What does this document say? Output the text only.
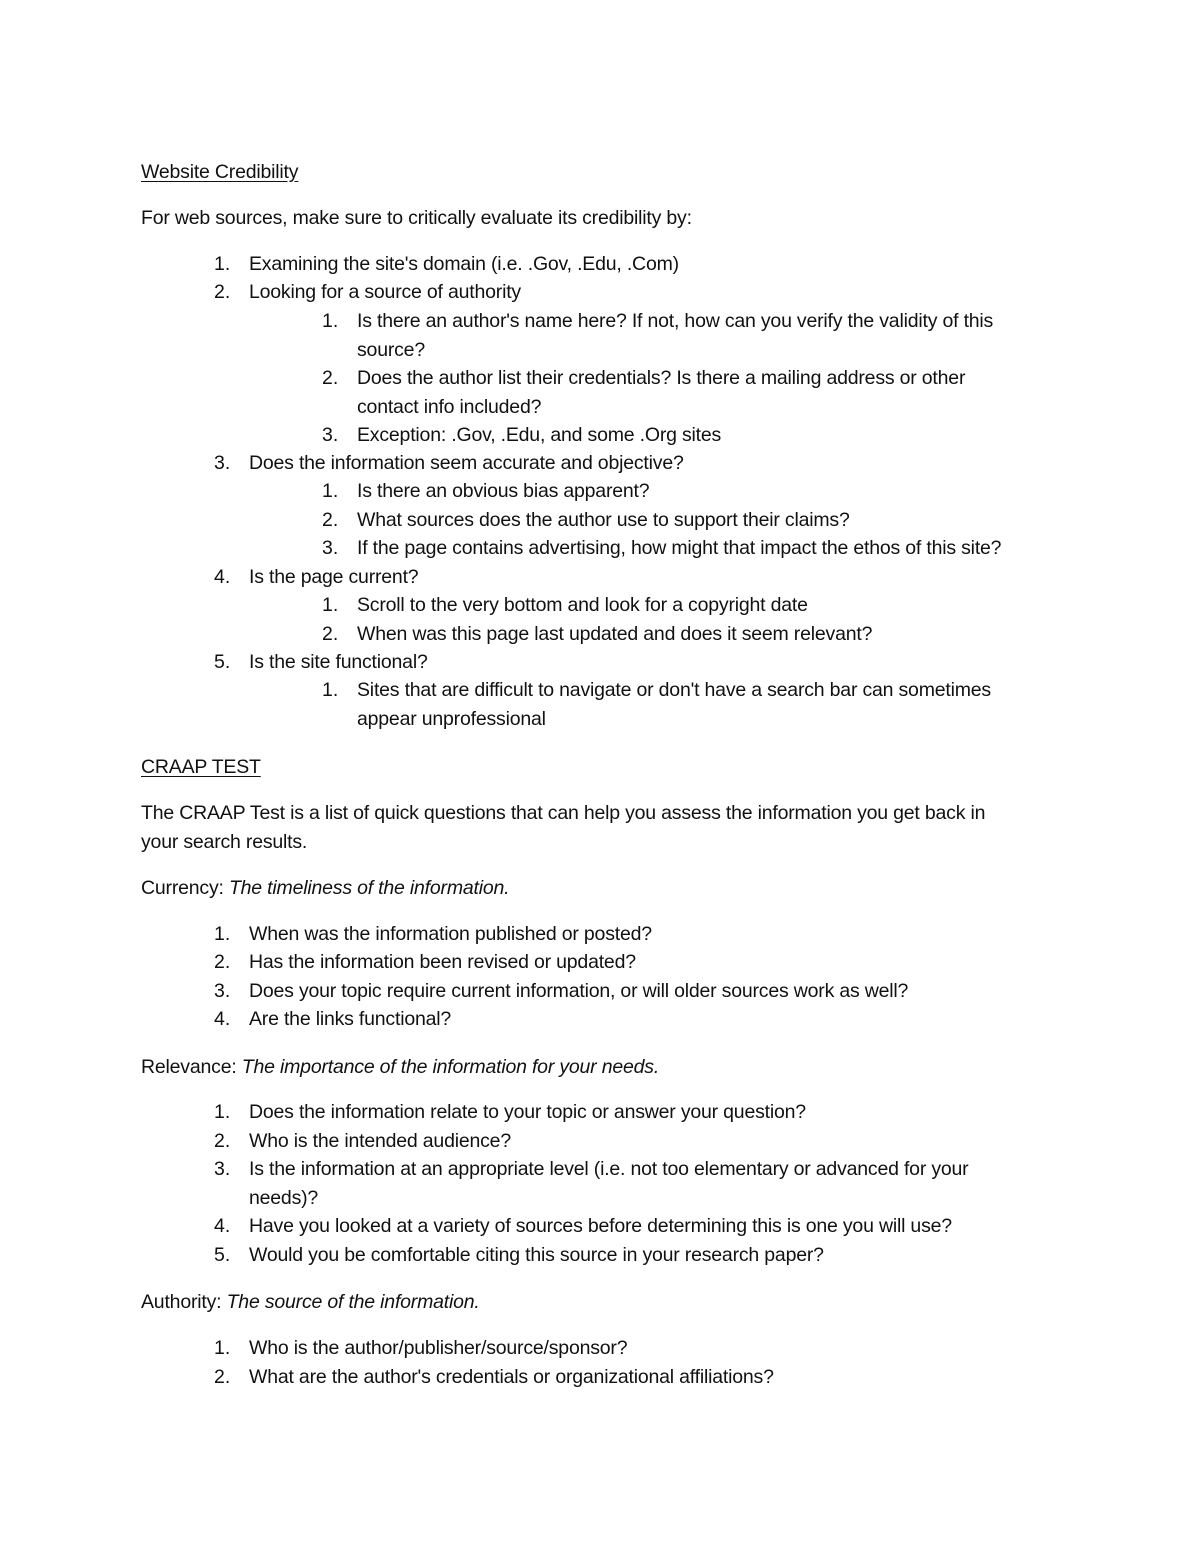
Website Credibility
For web sources, make sure to critically evaluate its credibility by:
1. Examining the site's domain (i.e. .Gov, .Edu, .Com)
2. Looking for a source of authority
1. Is there an author's name here? If not, how can you verify the validity of this
source?
2. Does the author list their credentials? Is there a mailing address or other
contact info included?
3. Exception: .Gov, .Edu, and some .Org sites
3. Does the information seem accurate and objective?
1. Is there an obvious bias apparent?
2. What sources does the author use to support their claims?
3. If the page contains advertising, how might that impact the ethos of this site?
4. Is the page current?
1. Scroll to the very bottom and look for a copyright date
2. When was this page last updated and does it seem relevant?
5. Is the site functional?
1. Sites that are difficult to navigate or don't have a search bar can sometimes
appear unprofessional
CRAAP TEST
The CRAAP Test is a list of quick questions that can help you assess the information you get back in
your search results.
Currency: The timeliness of the information.
1. When was the information published or posted?
2. Has the information been revised or updated?
3. Does your topic require current information, or will older sources work as well?
4. Are the links functional?
Relevance: The importance of the information for your needs.
1. Does the information relate to your topic or answer your question?
2. Who is the intended audience?
3. Is the information at an appropriate level (i.e. not too elementary or advanced for your
needs)?
4. Have you looked at a variety of sources before determining this is one you will use?
5. Would you be comfortable citing this source in your research paper?
Authority: The source of the information.
1. Who is the author/publisher/source/sponsor?
2. What are the author's credentials or organizational affiliations?
